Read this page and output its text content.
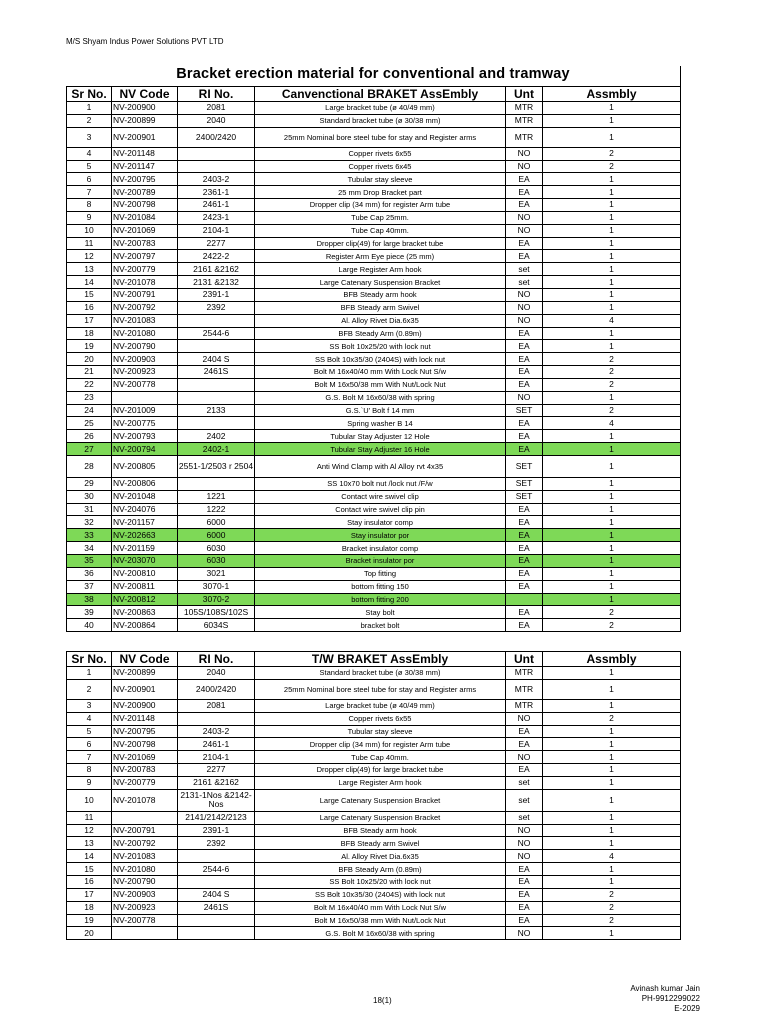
M/S Shyam Indus Power Solutions PVT LTD
Bracket erection material for conventional and tramway
Sr No.	NV Code	RI No.	Canvenctional BRAKET AssEmbly	Unt	Assmbly
1	NV-200900	2081	Large bracket tube (ø 40/49 mm)	MTR	1
2	NV-200899	2040	Standard bracket tube (ø 30/38 mm)	MTR	1
3	NV-200901	2400/2420	25mm Nominal bore steel tube for stay and Register arms	MTR	1
4	NV-201148		Copper rivets 6x55	NO	2
5	NV-201147		Copper rivets 6x45	NO	2
6	NV-200795	2403-2	Tubular stay sleeve	EA	1
7	NV-200789	2361-1	25 mm Drop Bracket part	EA	1
8	NV-200798	2461-1	Dropper clip (34 mm) for register Arm tube	EA	1
9	NV-201084	2423-1	Tube Cap 25mm.	NO	1
10	NV-201069	2104-1	Tube Cap 40mm.	NO	1
11	NV-200783	2277	Dropper clip(49) for large bracket tube	EA	1
12	NV-200797	2422-2	Register Arm Eye piece (25 mm)	EA	1
13	NV-200779	2161 &2162	Large Register Arm hook	set	1
14	NV-201078	2131 &2132	Large Catenary Suspension Bracket	set	1
15	NV-200791	2391-1	BFB Steady arm hook	NO	1
16	NV-200792	2392	BFB Steady arm Swivel	NO	1
17	NV-201083		Al. Alloy Rivet Dia.6x35	NO	4
18	NV-201080	2544-6	BFB Steady Arm (0.89m)	EA	1
19	NV-200790		SS Bolt 10x25/20 with lock nut	EA	1
20	NV-200903	2404 S	SS Bolt 10x35/30 (2404S) with lock nut	EA	2
21	NV-200923	2461S	Bolt M 16x40/40 mm With Lock Nut S/w	EA	2
22	NV-200778		Bolt M 16x50/38 mm With Nut/Lock Nut	EA	2
23			G.S. Bolt M 16x60/38 with spring	NO	1
24	NV-201009	2133	G.S.`U' Bolt f 14 mm	SET	2
25	NV-200775		Spring washer B 14	EA	4
26	NV-200793	2402	Tubular Stay Adjuster 12 Hole	EA	1
27	NV-200794	2402-1	Tubular Stay Adjuster 16 Hole	EA	1
28	NV-200805	2551-1/2503 r 2504	Anti Wind Clamp with Al Alloy rvt 4x35	SET	1
29	NV-200806		SS 10x70 bolt nut /lock nut /F/w	SET	1
30	NV-201048	1221	Contact wire swivel clip	SET	1
31	NV-204076	1222	Contact wire swivel clip pin	EA	1
32	NV-201157	6000	Stay insulator comp	EA	1
33	NV-202663	6000	Stay insulator por	EA	1
34	NV-201159	6030	Bracket insulator comp	EA	1
35	NV-203070	6030	Bracket insulator por	EA	1
36	NV-200810	3021	Top fitting	EA	1
37	NV-200811	3070-1	bottom fitting 150	EA	1
38	NV-200812	3070-2	bottom fitting 200		1
39	NV-200863	105S/108S/102S	Stay bolt	EA	2
40	NV-200864	6034S	bracket bolt	EA	2
Sr No.	NV Code	RI No.	T/W BRAKET AssEmbly	Unt	Assmbly
1	NV-200899	2040	Standard bracket tube (ø 30/38 mm)	MTR	1
2	NV-200901	2400/2420	25mm Nominal bore steel tube for stay and Register arms	MTR	1
3	NV-200900	2081	Large bracket tube (ø 40/49 mm)	MTR	1
4	NV-201148		Copper rivets 6x55	NO	2
5	NV-200795	2403-2	Tubular stay sleeve	EA	1
6	NV-200798	2461-1	Dropper clip (34 mm) for register Arm tube	EA	1
7	NV-201069	2104-1	Tube Cap 40mm.	NO	1
8	NV-200783	2277	Dropper clip(49) for large bracket tube	EA	1
9	NV-200779	2161 &2162	Large Register Arm hook	set	1
10	NV-201078	2131-1Nos &2142-Nos	Large Catenary Suspension Bracket	set	1
11		2141/2142/2123	Large Catenary Suspension Bracket	set	1
12	NV-200791	2391-1	BFB Steady arm hook	NO	1
13	NV-200792	2392	BFB Steady arm Swivel	NO	1
14	NV-201083		Al. Alloy Rivet Dia.6x35	NO	4
15	NV-201080	2544-6	BFB Steady Arm (0.89m)	EA	1
16	NV-200790		SS Bolt 10x25/20 with lock nut	EA	1
17	NV-200903	2404 S	SS Bolt 10x35/30 (2404S) with lock nut	EA	2
18	NV-200923	2461S	Bolt M 16x40/40 mm With Lock Nut S/w	EA	2
19	NV-200778		Bolt M 16x50/38 mm With Nut/Lock Nut	EA	2
20			G.S. Bolt M 16x60/38 with spring	NO	1
18(1)
Avinash kumar Jain
PH-9912299022
E-2029
